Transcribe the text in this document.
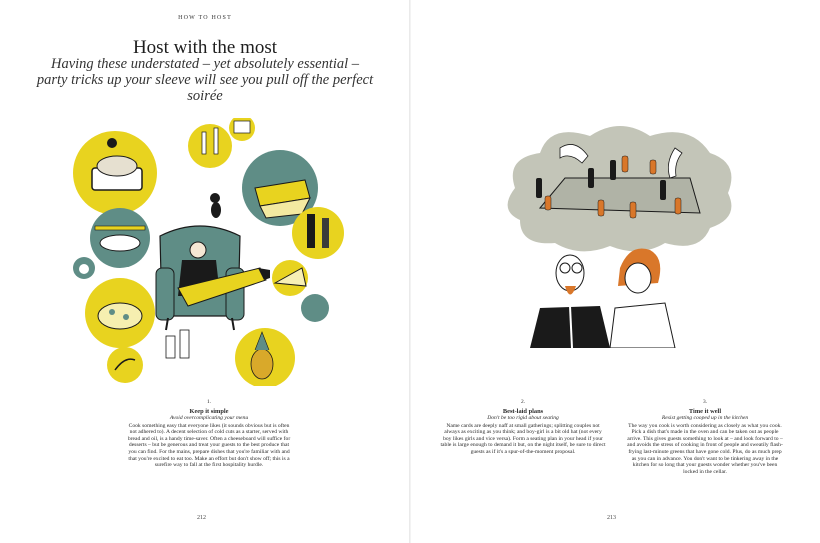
HOW TO HOST
Host with the most
Having these understated – yet absolutely essential – party tricks up your sleeve will see you pull off the perfect soirée
1.
Keep it simple
Avoid overcomplicating your menu
Cook something easy that everyone likes (it sounds obvious but is often not adhered to). A decent selection of cold cuts as a starter, served with bread and oil, is a handy time-saver. Often a cheeseboard will suffice for desserts – but be generous and treat your guests to the best produce that you can find. For the mains, prepare dishes that you're familiar with and that you're excited to eat too. Make an effort but don't show off; this is a surefire way to fall at the first hospitality hurdle.
212
2.
Best-laid plans
Don't be too rigid about seating
Name cards are deeply naff at small gatherings; splitting couples not always as exciting as you think; and boy-girl is a bit old hat (not every boy likes girls and vice versa). Form a seating plan in your head if your table is large enough to demand it but, on the night itself, be sure to direct guests as if it's a spur-of-the-moment proposal.
3.
Time it well
Resist getting cooped up in the kitchen
The way you cook is worth considering as closely as what you cook. Pick a dish that's made in the oven and can be taken out as people arrive. This gives guests something to look at – and look forward to – and avoids the stress of cooking in front of people and sweatily flash-frying last-minute greens that have gone cold. Plus, do as much prep as you can in advance. You don't want to be tinkering away in the kitchen for so long that your guests wonder whether you've been locked in the cellar.
213
